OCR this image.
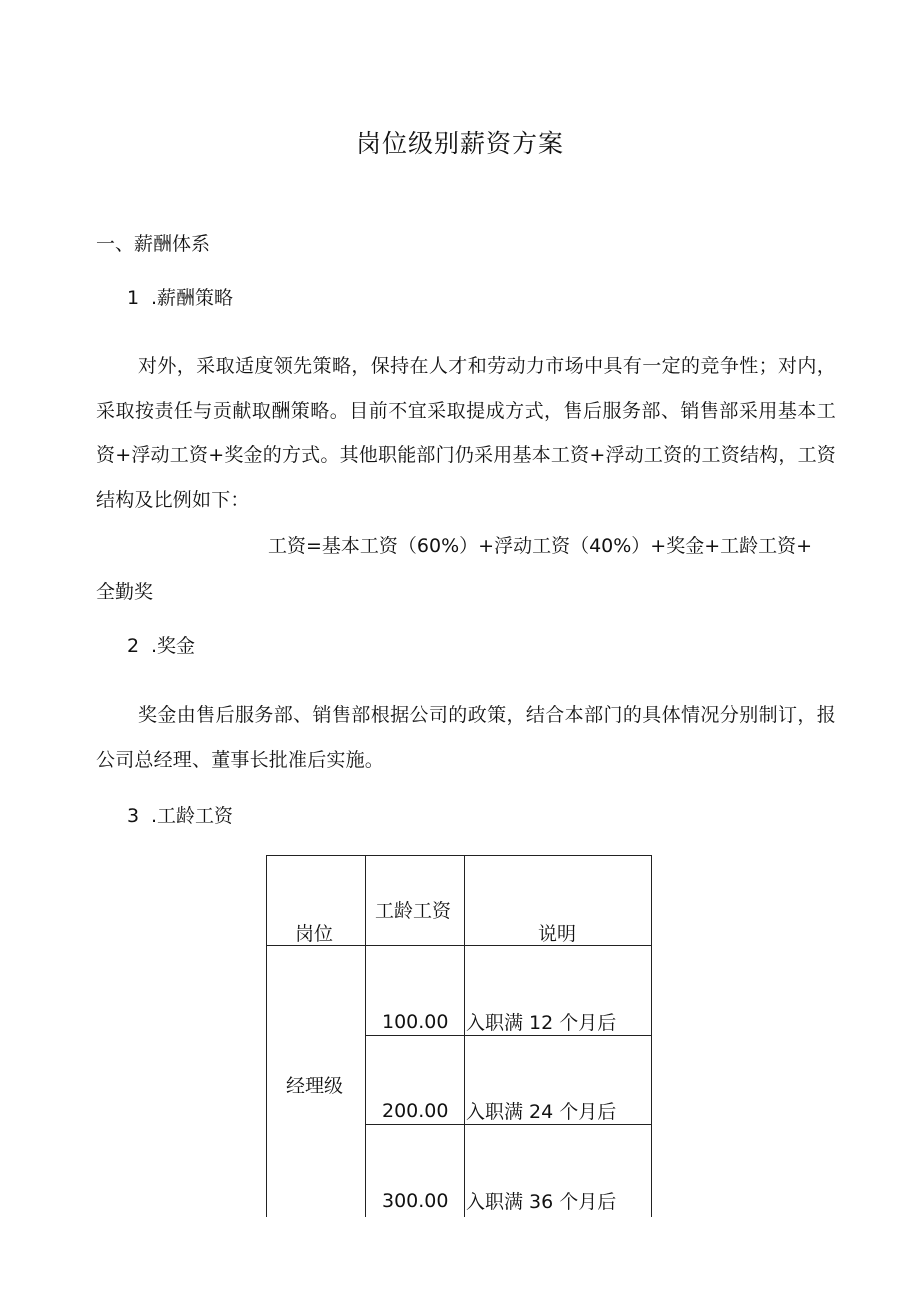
岗位级别薪资方案
一、薪酬体系
1 .薪酬策略
对外，采取适度领先策略，保持在人才和劳动力市场中具有一定的竞争性；对内，采取按责任与贡献取酬策略。目前不宜采取提成方式，售后服务部、销售部采用基本工资+浮动工资+奖金的方式。其他职能部门仍采用基本工资+浮动工资的工资结构，工资结构及比例如下：
工资=基本工资（60%）+浮动工资（40%）+奖金+工龄工资+
全勤奖
2 .奖金
奖金由售后服务部、销售部根据公司的政策，结合本部门的具体情况分别制订，报公司总经理、董事长批准后实施。
3 .工龄工资
岗位
工龄工资
说明
经理级
100.00 入职满 12 个月后
200.00 入职满 24 个月后
300.00 入职满 36 个月后
